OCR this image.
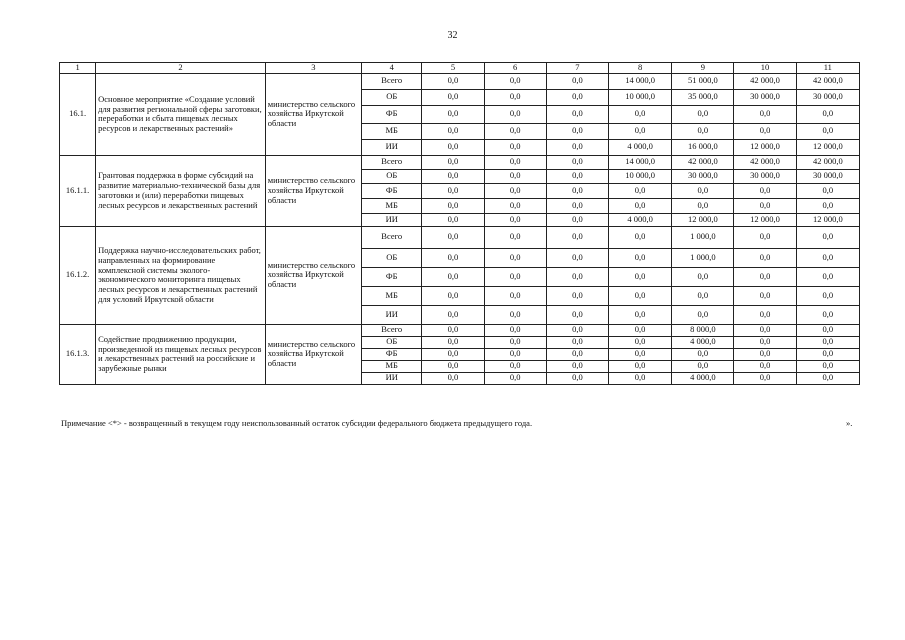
32
1	2	3	4	5	6	7	8	9	10	11
16.1.	Основное мероприятие «Создание условий для развития региональной сферы заготовки, переработки и сбыта пищевых лесных ресурсов и лекарственных растений»	министерство сельского хозяйства Иркутской области	Всего	0,0	0,0	0,0	14 000,0	51 000,0	42 000,0	42 000,0
			ОБ	0,0	0,0	0,0	10 000,0	35 000,0	30 000,0	30 000,0
			ФБ	0,0	0,0	0,0	0,0	0,0	0,0	0,0
			МБ	0,0	0,0	0,0	0,0	0,0	0,0	0,0
			ИИ	0,0	0,0	0,0	4 000,0	16 000,0	12 000,0	12 000,0
16.1.1.	Грантовая поддержка в форме субсидий на развитие материально-технической базы для заготовки и (или) переработки пищевых лесных ресурсов и лекарственных растений	министерство сельского хозяйства Иркутской области	Всего	0,0	0,0	0,0	14 000,0	42 000,0	42 000,0	42 000,0
			ОБ	0,0	0,0	0,0	10 000,0	30 000,0	30 000,0	30 000,0
			ФБ	0,0	0,0	0,0	0,0	0,0	0,0	0,0
			МБ	0,0	0,0	0,0	0,0	0,0	0,0	0,0
			ИИ	0,0	0,0	0,0	4 000,0	12 000,0	12 000,0	12 000,0
16.1.2.	Поддержка научно-исследовательских работ, направленных на формирование комплексной системы эколого-экономического мониторинга пищевых лесных ресурсов и лекарственных растений для условий Иркутской области	министерство сельского хозяйства Иркутской области	Всего	0,0	0,0	0,0	0,0	1 000,0	0,0	0,0
			ОБ	0,0	0,0	0,0	0,0	1 000,0	0,0	0,0
			ФБ	0,0	0,0	0,0	0,0	0,0	0,0	0,0
			МБ	0,0	0,0	0,0	0,0	0,0	0,0	0,0
			ИИ	0,0	0,0	0,0	0,0	0,0	0,0	0,0
16.1.3.	Содействие продвижению продукции, произведенной из пищевых лесных ресурсов и лекарственных растений на российские и зарубежные рынки	министерство сельского хозяйства Иркутской области	Всего	0,0	0,0	0,0	0,0	8 000,0	0,0	0,0
			ОБ	0,0	0,0	0,0	0,0	4 000,0	0,0	0,0
			ФБ	0,0	0,0	0,0	0,0	0,0	0,0	0,0
			МБ	0,0	0,0	0,0	0,0	0,0	0,0	0,0
			ИИ	0,0	0,0	0,0	0,0	4 000,0	0,0	0,0
Примечание <*> - возвращенный в текущем году неиспользованный остаток субсидии федерального бюджета предыдущего года.	».
